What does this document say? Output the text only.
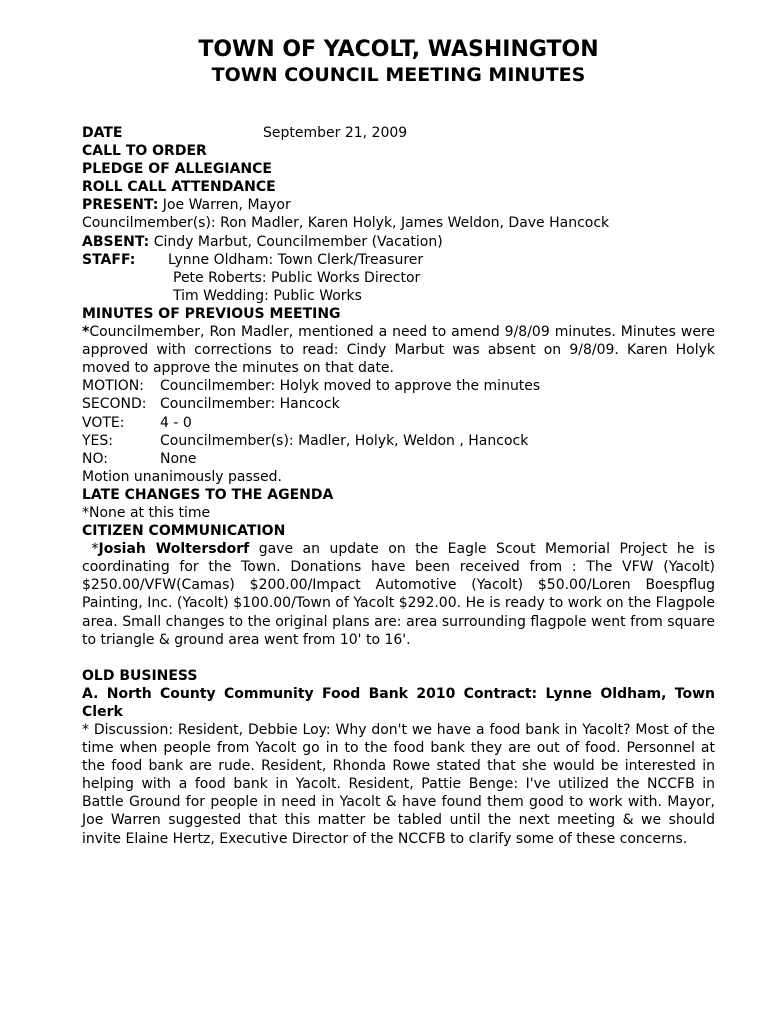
TOWN OF YACOLT, WASHINGTON
TOWN COUNCIL MEETING MINUTES
DATE	September 21, 2009
CALL TO ORDER
PLEDGE OF ALLEGIANCE
ROLL CALL ATTENDANCE
PRESENT: Joe Warren, Mayor
Councilmember(s): Ron Madler, Karen Holyk, James Weldon, Dave Hancock
ABSENT: Cindy Marbut, Councilmember (Vacation)
STAFF:	Lynne Oldham: Town Clerk/Treasurer
Pete Roberts: Public Works Director
Tim Wedding: Public Works
MINUTES OF PREVIOUS MEETING
*Councilmember, Ron Madler, mentioned a need to amend 9/8/09 minutes. Minutes were approved with corrections to read: Cindy Marbut was absent on 9/8/09. Karen Holyk moved to approve the minutes on that date.
MOTION:	Councilmember: Holyk moved to approve the minutes
SECOND: Councilmember: Hancock
VOTE:	4 - 0
YES:	Councilmember(s): Madler, Holyk, Weldon , Hancock
NO:	None
Motion unanimously passed.
LATE CHANGES TO THE AGENDA
*None at this time
CITIZEN COMMUNICATION
*Josiah Woltersdorf gave an update on the Eagle Scout Memorial Project he is coordinating for the Town. Donations have been received from : The VFW (Yacolt) $250.00/VFW(Camas) $200.00/Impact Automotive (Yacolt) $50.00/Loren Boespflug Painting, Inc. (Yacolt) $100.00/Town of Yacolt $292.00. He is ready to work on the Flagpole area. Small changes to the original plans are: area surrounding flagpole went from square to triangle & ground area went from 10' to 16'.
OLD BUSINESS
A. North County Community Food Bank 2010 Contract: Lynne Oldham, Town Clerk
* Discussion: Resident, Debbie Loy: Why don't we have a food bank in Yacolt? Most of the time when people from Yacolt go in to the food bank they are out of food. Personnel at the food bank are rude. Resident, Rhonda Rowe stated that she would be interested in helping with a food bank in Yacolt. Resident, Pattie Benge: I've utilized the NCCFB in Battle Ground for people in need in Yacolt & have found them good to work with. Mayor, Joe Warren suggested that this matter be tabled until the next meeting & we should invite Elaine Hertz, Executive Director of the NCCFB to clarify some of these concerns.
